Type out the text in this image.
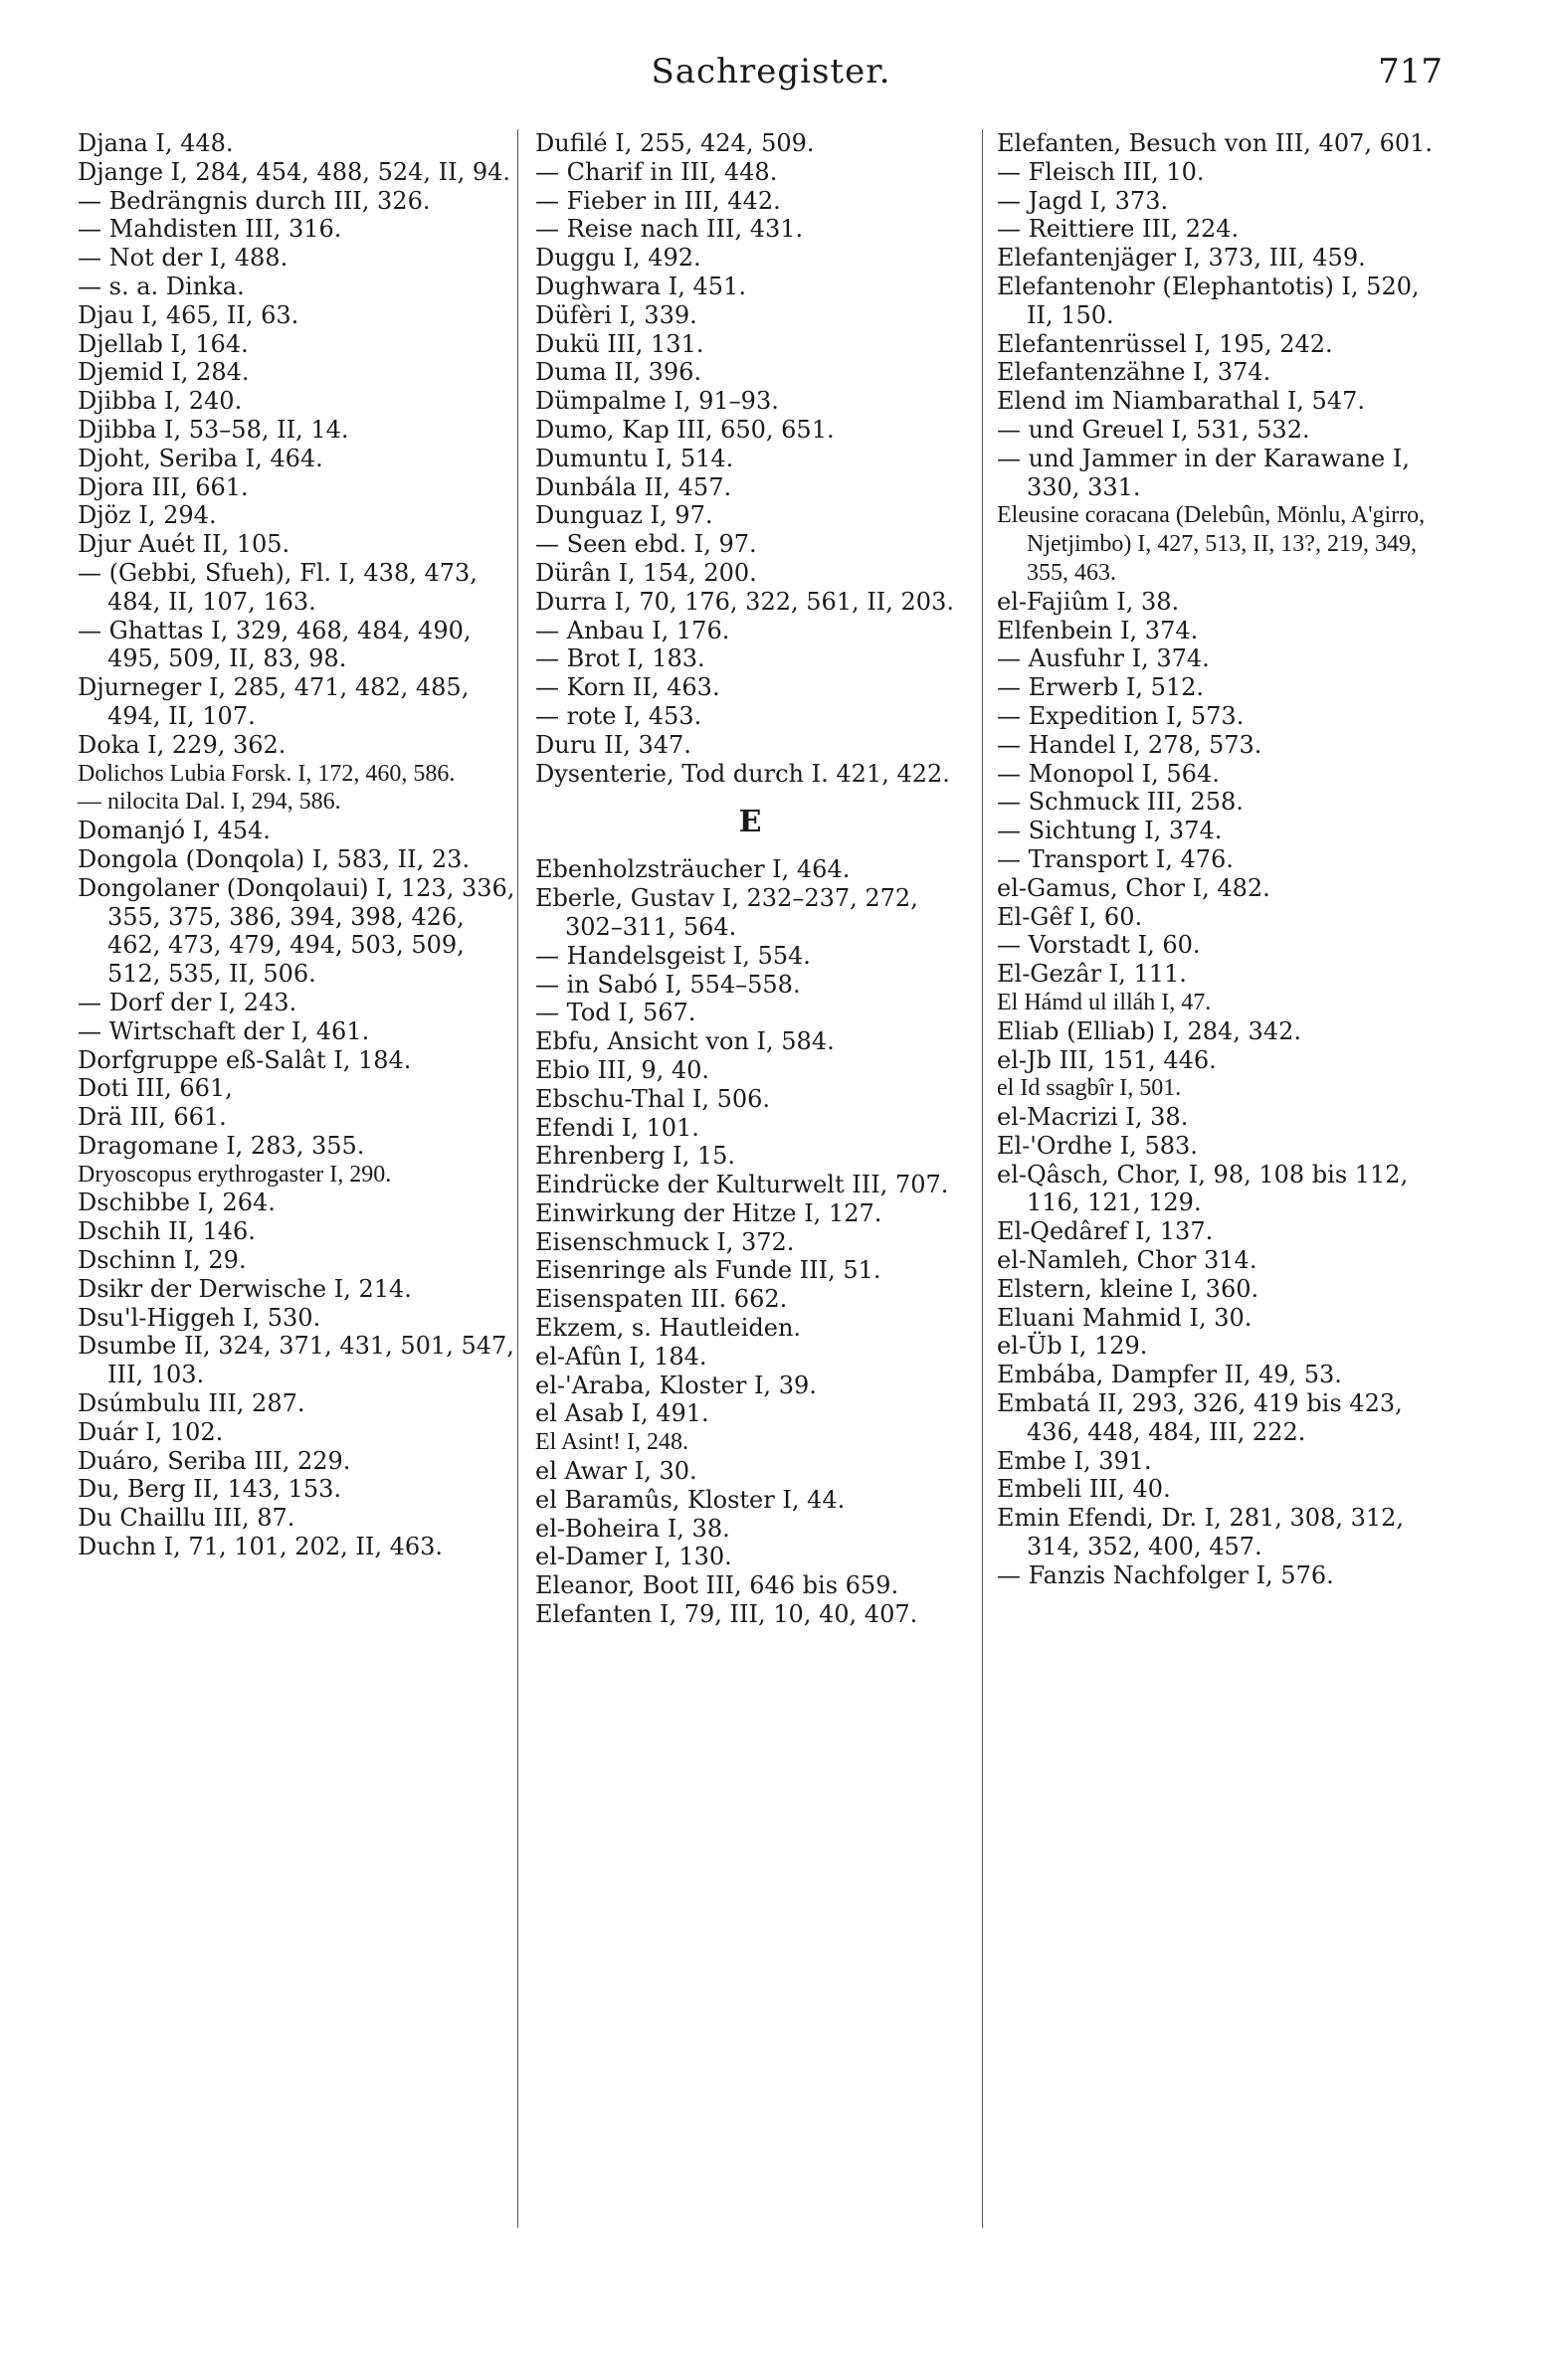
Sachregister.	717

Djana I, 448.

Djange I, 284, 454, 488, 524, II, 94.

— Bedrängnis durch III, 326.

— Mahdisten III, 316.

— Not der I, 488.

— s. a. Dinka.

Djau I, 465, II, 63.

Djellab I, 164.

Djemid I, 284.

Djibba I, 240.

Djibba I, 53–58, II, 14.

Djoht, Seriba I, 464.

Djora III, 661.

Djöz I, 294.

Djur Auét II, 105.

— (Gebbi, Sfueh), Fl. I, 438, 473, 484, II, 107, 163.

— Ghattas I, 329, 468, 484, 490, 495, 509, II, 83, 98.

Djurneger I, 285, 471, 482, 485, 494, II, 107.

Doka I, 229, 362.

Dolichos Lubia Forsk. I, 172, 460, 586.

— nilocita Dal. I, 294, 586.

Domanjó I, 454.

Dongola (Donqola) I, 583, II, 23.

Dongolaner (Donqolaui) I, 123, 336, 355, 375, 386, 394, 398, 426, 462, 473, 479, 494, 503, 509, 512, 535, II, 506.

— Dorf der I, 243.

— Wirtschaft der I, 461.

Dorfgruppe eß-Salât I, 184.

Doti III, 661,

Drä III, 661.

Dragomane I, 283, 355.

Dryoscopus erythrogaster I, 290.

Dschibbe I, 264.

Dschih II, 146.

Dschinn I, 29.

Dsikr der Derwische I, 214.

Dsu'l-Higgeh I, 530.

Dsumbe II, 324, 371, 431, 501, 547, III, 103.

Dsúmbulu III, 287.

Duár I, 102.

Duáro, Seriba III, 229.

Du, Berg II, 143, 153.

Du Chaillu III, 87.

Duchn I, 71, 101, 202, II, 463.

Dufilé I, 255, 424, 509.

— Charif in III, 448.

— Fieber in III, 442.

— Reise nach III, 431.

Duggu I, 492.

Dughwara I, 451.

Düfèri I, 339.

Dukü III, 131.

Duma II, 396.

Dümpalme I, 91–93.

Dumo, Kap III, 650, 651.

Dumuntu I, 514.

Dunbála II, 457.

Dunguaz I, 97.

— Seen ebd. I, 97.

Dürân I, 154, 200.

Durra I, 70, 176, 322, 561, II, 203.

— Anbau I, 176.

— Brot I, 183.

— Korn II, 463.

— rote I, 453.

Duru II, 347.

Dysenterie, Tod durch I. 421, 422.

E

Ebenholzsträucher I, 464.

Eberle, Gustav I, 232–237, 272, 302–311, 564.

— Handelsgeist I, 554.

— in Sabó I, 554–558.

— Tod I, 567.

Ebfu, Ansicht von I, 584.

Ebio III, 9, 40.

Ebschu-Thal I, 506.

Efendi I, 101.

Ehrenberg I, 15.

Eindrücke der Kulturwelt III, 707.

Einwirkung der Hitze I, 127.

Eisenschmuck I, 372.

Eisenringe als Funde III, 51.

Eisenspaten III. 662.

Ekzem, s. Hautleiden.

el-Afûn I, 184.

el-'Araba, Kloster I, 39.

el Asab I, 491.

El Asint! I, 248.

el Awar I, 30.

el Baramûs, Kloster I, 44.

el-Boheira I, 38.

el-Damer I, 130.

Eleanor, Boot III, 646 bis 659.

Elefanten I, 79, III, 10, 40, 407.

Elefanten, Besuch von III, 407, 601.

— Fleisch III, 10.

— Jagd I, 373.

— Reittiere III, 224.

Elefantenjäger I, 373, III, 459.

Elefantenohr (Elephantotis) I, 520, II, 150.

Elefantenrüssel I, 195, 242.

Elefantenzähne I, 374.

Elend im Niambarathal I, 547.

— und Greuel I, 531, 532.

— und Jammer in der Karawane I, 330, 331.

Eleusine coracana (Delebûn, Mönlu, A'girro, Njetjimbo) I, 427, 513, II, 13?, 219, 349, 355, 463.

el-Fajiûm I, 38.

Elfenbein I, 374.

— Ausfuhr I, 374.

— Erwerb I, 512.

— Expedition I, 573.

— Handel I, 278, 573.

— Monopol I, 564.

— Schmuck III, 258.

— Sichtung I, 374.

— Transport I, 476.

el-Gamus, Chor I, 482.

El-Gêf I, 60.

— Vorstadt I, 60.

El-Gezâr I, 111.

El Hámd ul illáh I, 47.

Eliab (Elliab) I, 284, 342.

el-Jb III, 151, 446.

el Id ssagbîr I, 501.

el-Macrizi I, 38.

El-'Ordhe I, 583.

el-Qâsch, Chor, I, 98, 108 bis 112, 116, 121, 129.

El-Qedâref I, 137.

el-Namleh, Chor 314.

Elstern, kleine I, 360.

Eluani Mahmid I, 30.

el-Üb I, 129.

Embába, Dampfer II, 49, 53.

Embatá II, 293, 326, 419 bis 423, 436, 448, 484, III, 222.

Embe I, 391.

Embeli III, 40.

Emin Efendi, Dr. I, 281, 308, 312, 314, 352, 400, 457.

— Fanzis Nachfolger I, 576.
